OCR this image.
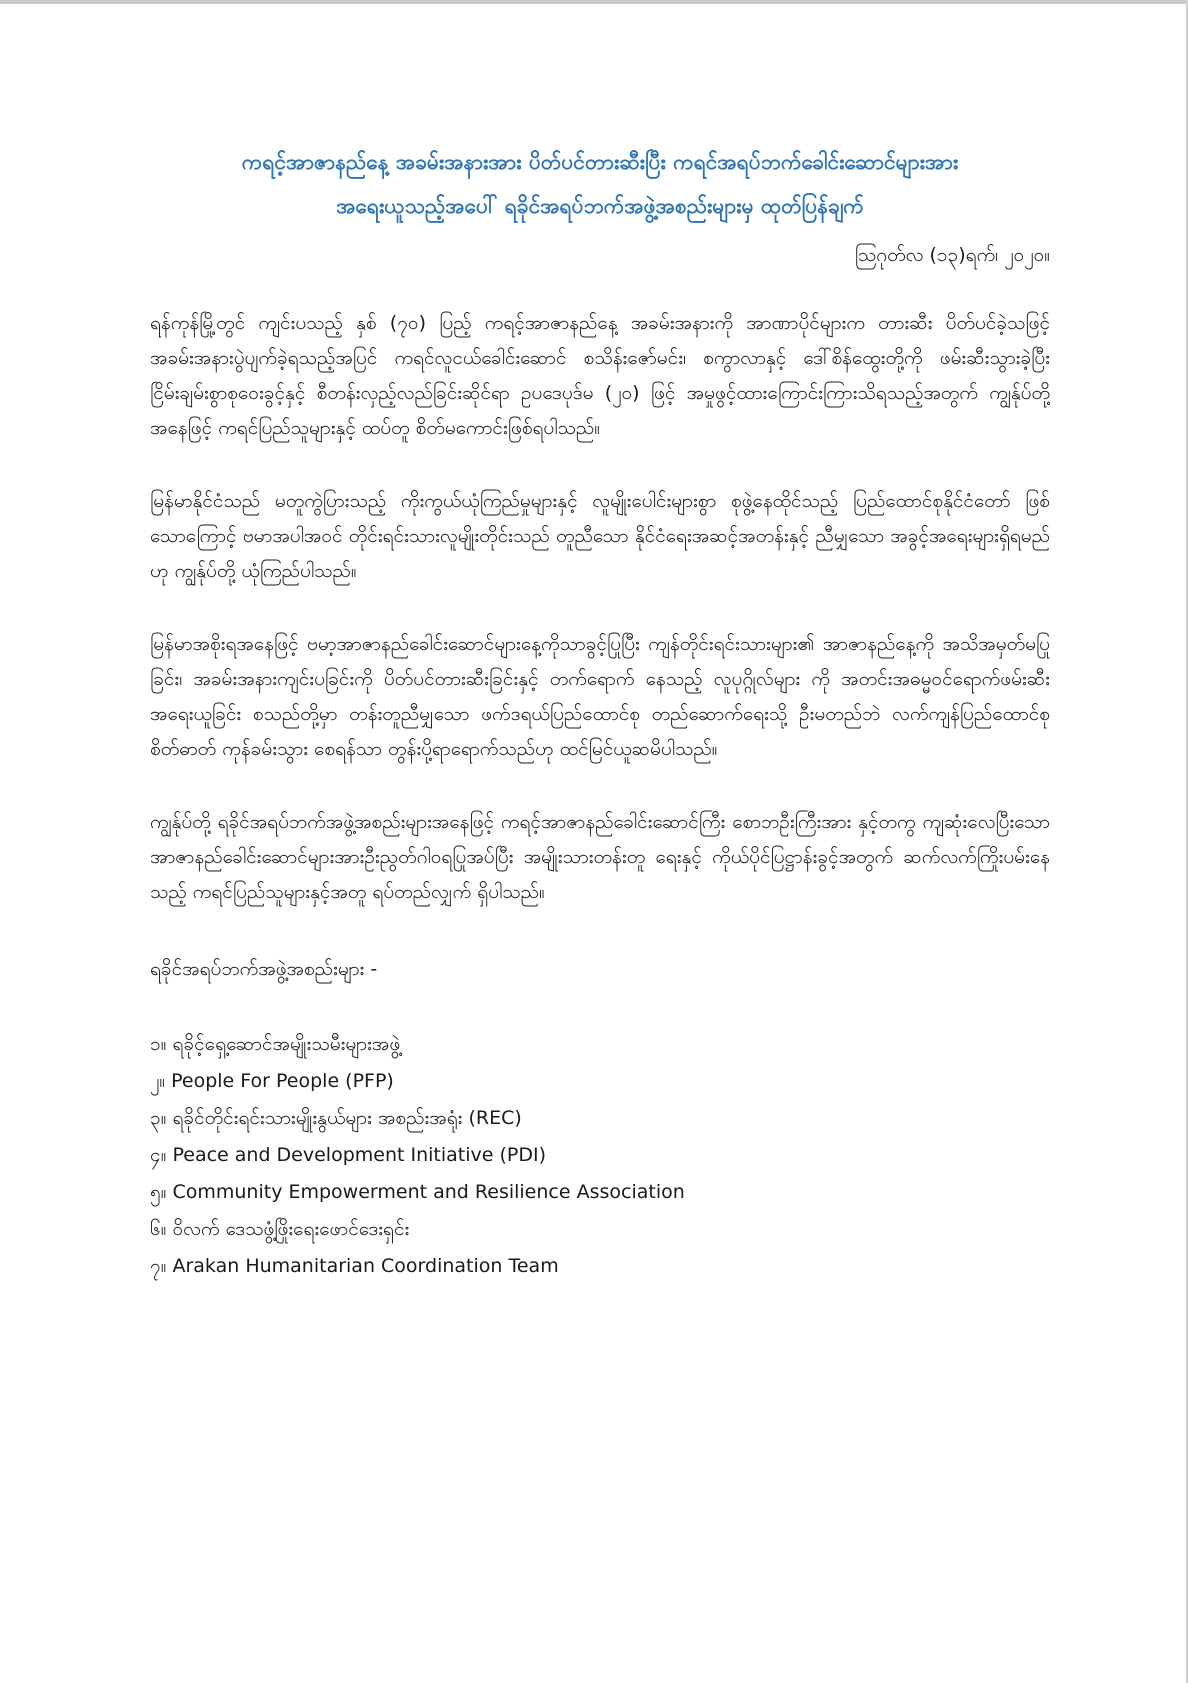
ကရင့်အာဇာနည်နေ့ အခမ်းအနားအား ပိတ်ပင်တားဆီးပြီး ကရင်အရပ်ဘက်ခေါင်းဆောင်များအား
အရေးယူသည့်အပေါ် ရခိုင်အရပ်ဘက်အဖွဲ့အစည်းများမှ ထုတ်ပြန်ချက်

ဩဂုတ်လ (၁၃)ရက်၊ ၂၀၂၀။

ရန်ကုန်မြို့တွင် ကျင်းပသည့် နှစ် (၇၀) ပြည့် ကရင့်အာဇာနည်နေ့ အခမ်းအနားကို အာဏာပိုင်များက တားဆီး ပိတ်ပင်ခဲ့သဖြင့် အခမ်းအနားပွဲပျက်ခဲ့ရသည့်အပြင် ကရင်လူငယ်ခေါင်းဆောင် စသိန်းဇော်မင်း၊ စကွာလာနှင့် ဒေါ်စိန်ထွေးတို့ကို ဖမ်းဆီးသွားခဲ့ပြီး ငြိမ်းချမ်းစွာစုဝေးခွင့်နှင့် စီတန်းလှည့်လည်ခြင်းဆိုင်ရာ ဥပဒေပုဒ်မ (၂၀) ဖြင့် အမှုဖွင့်ထားကြောင်းကြားသိရသည့်အတွက် ကျွန်ုပ်တို့အနေဖြင့် ကရင်ပြည်သူများနှင့် ထပ်တူ စိတ်မကောင်းဖြစ်ရပါသည်။

မြန်မာနိုင်ငံသည် မတူကွဲပြားသည့် ကိုးကွယ်ယုံကြည်မှုများနှင့် လူမျိုးပေါင်းများစွာ စုဖွဲ့နေထိုင်သည့် ပြည်ထောင်စုနိုင်ငံတော် ဖြစ်သောကြောင့် ဗမာအပါအဝင် တိုင်းရင်းသားလူမျိုးတိုင်းသည် တူညီသော နိုင်ငံရေးအဆင့်အတန်းနှင့် ညီမျှသော အခွင့်အရေးများရှိရမည်ဟု ကျွန်ုပ်တို့ ယုံကြည်ပါသည်။

မြန်မာအစိုးရအနေဖြင့် ဗမာ့အာဇာနည်ခေါင်းဆောင်များနေ့ကိုသာခွင့်ပြုပြီး ကျန်တိုင်းရင်းသားများ၏ အာဇာနည်နေ့ကို အသိအမှတ်မပြုခြင်း၊ အခမ်းအနားကျင်းပခြင်းကို ပိတ်ပင်တားဆီးခြင်းနှင့် တက်ရောက် နေသည့် လူပုဂ္ဂိုလ်များ ကို အတင်းအဓမ္မဝင်ရောက်ဖမ်းဆီးအရေးယူခြင်း စသည်တို့မှာ တန်းတူညီမျှသော ဖက်ဒရယ်ပြည်ထောင်စု တည်ဆောက်ရေးသို့ ဦးမတည်ဘဲ လက်ကျန်ပြည်ထောင်စုစိတ်ဓာတ် ကုန်ခမ်းသွား စေရန်သာ တွန်းပို့ရာရောက်သည်ဟု ထင်မြင်ယူဆမိပါသည်။

ကျွန်ုပ်တို့ ရခိုင်အရပ်ဘက်အဖွဲ့အစည်းများအနေဖြင့် ကရင့်အာဇာနည်ခေါင်းဆောင်ကြီး စောဘဦးကြီးအား နှင့်တကွ ကျဆုံးလေပြီးသောအာဇာနည်ခေါင်းဆောင်များအားဦးညွတ်ဂါဝရပြုအပ်ပြီး အမျိုးသားတန်းတူ ရေးနှင့် ကိုယ်ပိုင်ပြဋ္ဌာန်းခွင့်အတွက် ဆက်လက်ကြိုးပမ်းနေသည့် ကရင်ပြည်သူများနှင့်အတူ ရပ်တည်လျှက် ရှိပါသည်။

ရခိုင်အရပ်ဘက်အဖွဲ့အစည်းများ -

၁။ ရခိုင့်ရှေ့ဆောင်အမျိုးသမီးများအဖွဲ့
၂။ People For People (PFP)
၃။ ရခိုင်တိုင်းရင်းသားမျိုးနွယ်များ အစည်းအရုံး (REC)
၄။ Peace and Development Initiative (PDI)
၅။ Community Empowerment and Resilience Association
၆။ ဝိလက် ဒေသဖွံ့ဖြိုးရေးဖောင်ဒေးရှင်း
၇။ Arakan Humanitarian Coordination Team
